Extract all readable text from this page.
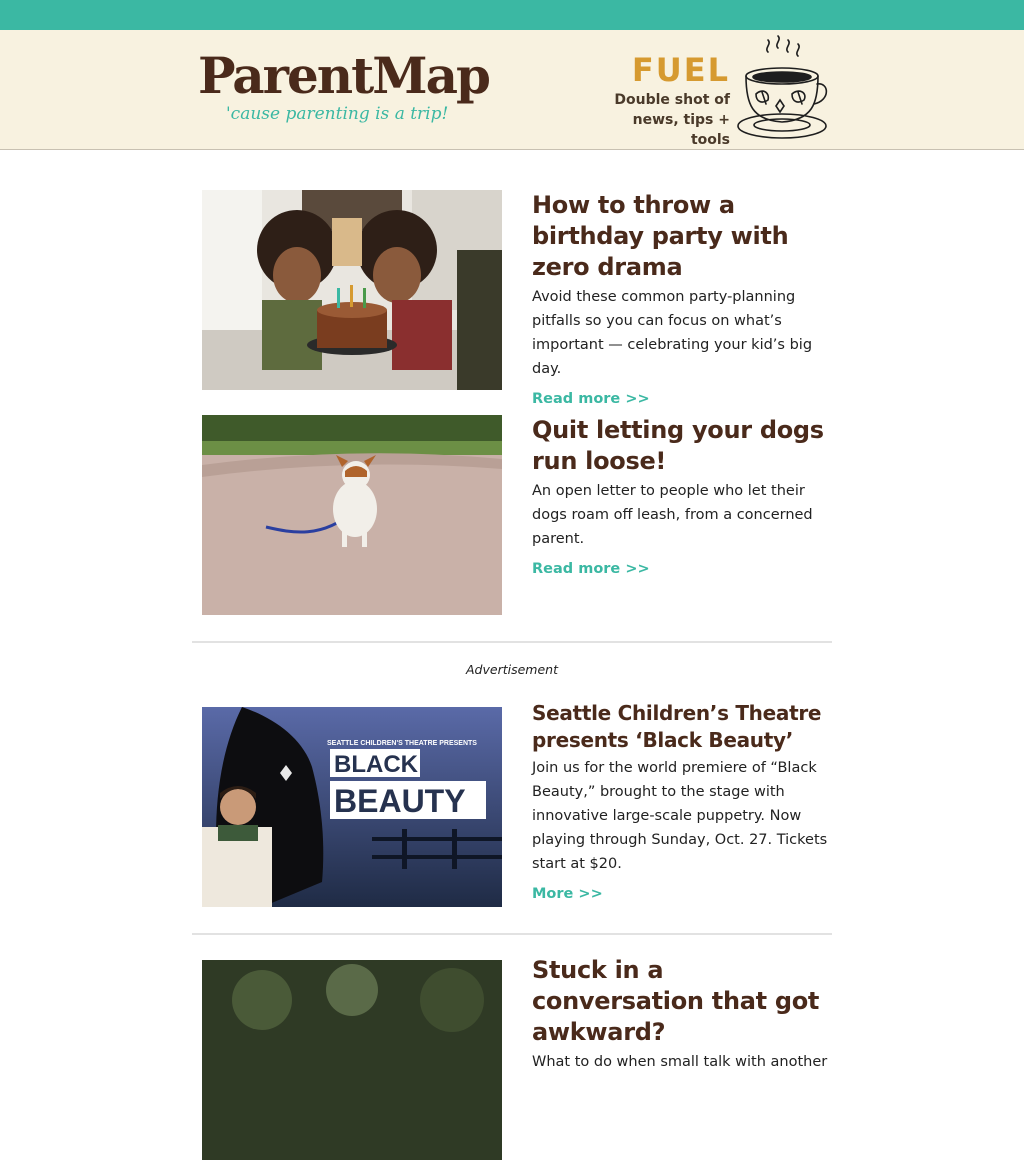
ParentMap
'cause parenting is a trip!
FUEL
Double shot of
news, tips + tools
How to throw a birthday party with zero drama

Avoid these common party-planning pitfalls so you can focus on what’s important — celebrating your kid’s big day.

Read more >>
Quit letting your dogs run loose!

An open letter to people who let their dogs roam off leash, from a concerned parent.

Read more >>
Advertisement
SEATTLE CHILDREN'S THEATRE PRESENTS
BLACK
BEAUTY
Seattle Children’s Theatre presents ‘Black Beauty’

Join us for the world premiere of “Black Beauty,” brought to the stage with innovative large-scale puppetry. Now playing through Sunday, Oct. 27. Tickets start at $20.

More >>
Stuck in a conversation that got awkward?

What to do when small talk with another
